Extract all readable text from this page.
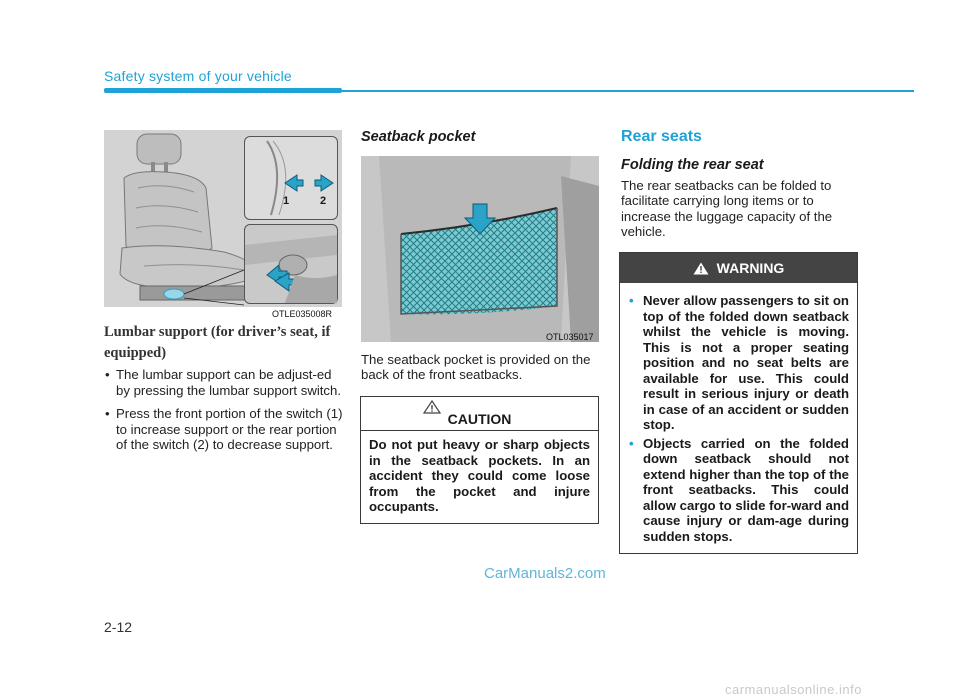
Safety system of your vehicle
1	2
OTLE035008R
Lumbar support (for driver’s seat, if equipped)
• The lumbar support can be adjust-ed by pressing the lumbar support switch.
• Press the front portion of the switch (1) to increase support or the rear portion of the switch (2) to decrease support.
Seatback pocket
OTL035017
The seatback pocket is provided on the back of the front seatbacks.
CAUTION
Do not put heavy or sharp objects in the seatback pockets. In an accident they could come loose from the pocket and injure occupants.
Rear seats
Folding the rear seat
The rear seatbacks can be folded to facilitate carrying long items or to increase the luggage capacity of the vehicle.
WARNING
• Never allow passengers to sit on top of the folded down seatback whilst the vehicle is moving. This is not a proper seating position and no seat belts are available for use. This could result in serious injury or death in case of an accident or sudden stop.
• Objects carried on the folded down seatback should not extend higher than the top of the front seatbacks. This could allow cargo to slide for-ward and cause injury or dam-age during sudden stops.
CarManuals2.com
2-12
carmanualsonline.info
